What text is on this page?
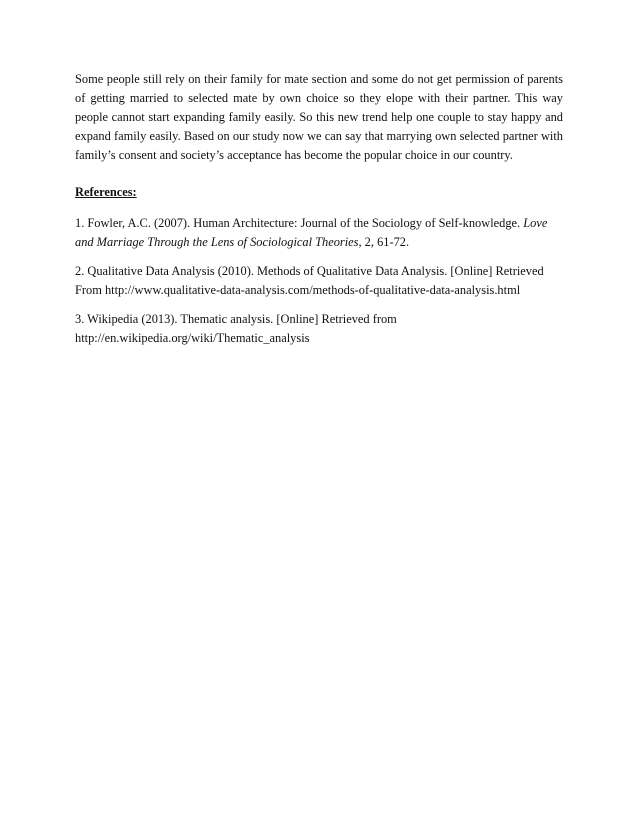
Some people still rely on their family for mate section and some do not get permission of parents of getting married to selected mate by own choice so they elope with their partner. This way people cannot start expanding family easily. So this new trend help one couple to stay happy and expand family easily. Based on our study now we can say that marrying own selected partner with family’s consent and society’s acceptance has become the popular choice in our country.

References:

1. Fowler, A.C. (2007). Human Architecture: Journal of the Sociology of Self-knowledge. Love
and Marriage Through the Lens of Sociological Theories, 2, 61-72.

2. Qualitative Data Analysis (2010). Methods of Qualitative Data Analysis. [Online] Retrieved
From http://www.qualitative-data-analysis.com/methods-of-qualitative-data-analysis.html

3. Wikipedia (2013). Thematic analysis. [Online] Retrieved from
http://en.wikipedia.org/wiki/Thematic_analysis
